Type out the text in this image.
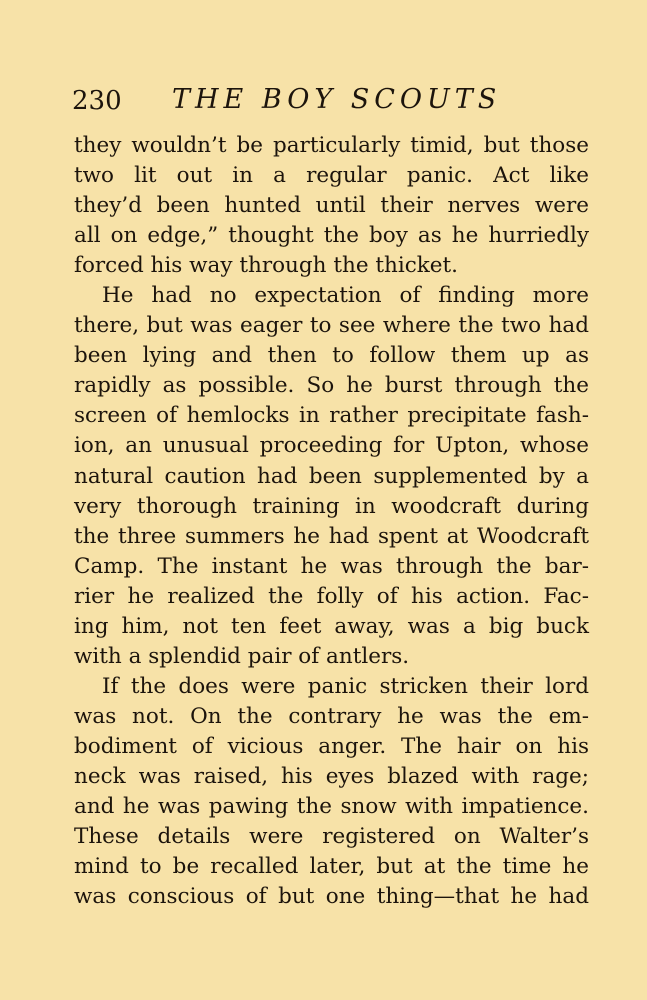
230 THE BOY SCOUTS
they wouldn’t be particularly timid, but those
two lit out in a regular panic. Act like
they’d been hunted until their nerves were
all on edge,” thought the boy as he hurriedly
forced his way through the thicket.
He had no expectation of finding more
there, but was eager to see where the two had
been lying and then to follow them up as
rapidly as possible. So he burst through the
screen of hemlocks in rather precipitate fash-
ion, an unusual proceeding for Upton, whose
natural caution had been supplemented by a
very thorough training in woodcraft during
the three summers he had spent at Woodcraft
Camp. The instant he was through the bar-
rier he realized the folly of his action. Fac-
ing him, not ten feet away, was a big buck
with a splendid pair of antlers.
If the does were panic stricken their lord
was not. On the contrary he was the em-
bodiment of vicious anger. The hair on his
neck was raised, his eyes blazed with rage;
and he was pawing the snow with impatience.
These details were registered on Walter’s
mind to be recalled later, but at the time he
was conscious of but one thing—that he had
